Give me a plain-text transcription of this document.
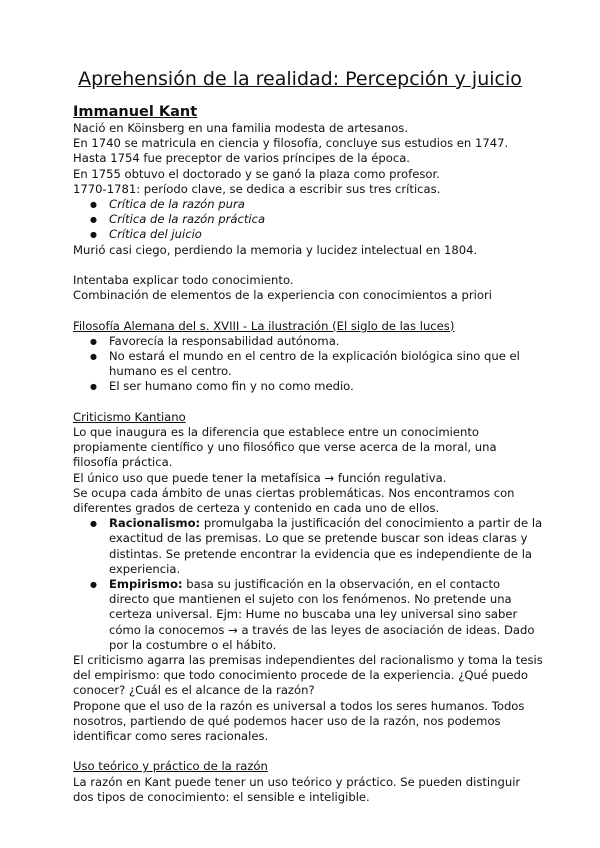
Aprehensión de la realidad: Percepción y juicio

Immanuel Kant

Nació en Köinsberg en una familia modesta de artesanos.

En 1740 se matricula en ciencia y filosofía, concluye sus estudios en 1747.

Hasta 1754 fue preceptor de varios príncipes de la época.

En 1755 obtuvo el doctorado y se ganó la plaza como profesor.

1770-1781: período clave, se dedica a escribir sus tres críticas.

● Crítica de la razón pura
● Crítica de la razón práctica
● Crítica del juicio

Murió casi ciego, perdiendo la memoria y lucidez intelectual en 1804.

Intentaba explicar todo conocimiento.

Combinación de elementos de la experiencia con conocimientos a priori

Filosofía Alemana del s. XVIII - La ilustración (El siglo de las luces)

● Favorecía la responsabilidad autónoma.
● No estará el mundo en el centro de la explicación biológica sino que el humano es el centro.
● El ser humano como fin y no como medio.

Criticismo Kantiano

Lo que inaugura es la diferencia que establece entre un conocimiento propiamente científico y uno filosófico que verse acerca de la moral, una filosofía práctica.

El único uso que puede tener la metafísica → función regulativa.

Se ocupa cada ámbito de unas ciertas problemáticas. Nos encontramos con diferentes grados de certeza y contenido en cada uno de ellos.

● Racionalismo: promulgaba la justificación del conocimiento a partir de la exactitud de las premisas. Lo que se pretende buscar son ideas claras y distintas. Se pretende encontrar la evidencia que es independiente de la experiencia.
● Empirismo: basa su justificación en la observación, en el contacto directo que mantienen el sujeto con los fenómenos. No pretende una certeza universal. Ejm: Hume no buscaba una ley universal sino saber cómo la conocemos → a través de las leyes de asociación de ideas. Dado por la costumbre o el hábito.

El criticismo agarra las premisas independientes del racionalismo y toma la tesis del empirismo: que todo conocimiento procede de la experiencia. ¿Qué puedo conocer? ¿Cuál es el alcance de la razón?

Propone que el uso de la razón es universal a todos los seres humanos. Todos nosotros, partiendo de qué podemos hacer uso de la razón, nos podemos identificar como seres racionales.

Uso teórico y práctico de la razón

La razón en Kant puede tener un uso teórico y práctico. Se pueden distinguir dos tipos de conocimiento: el sensible e inteligible.
